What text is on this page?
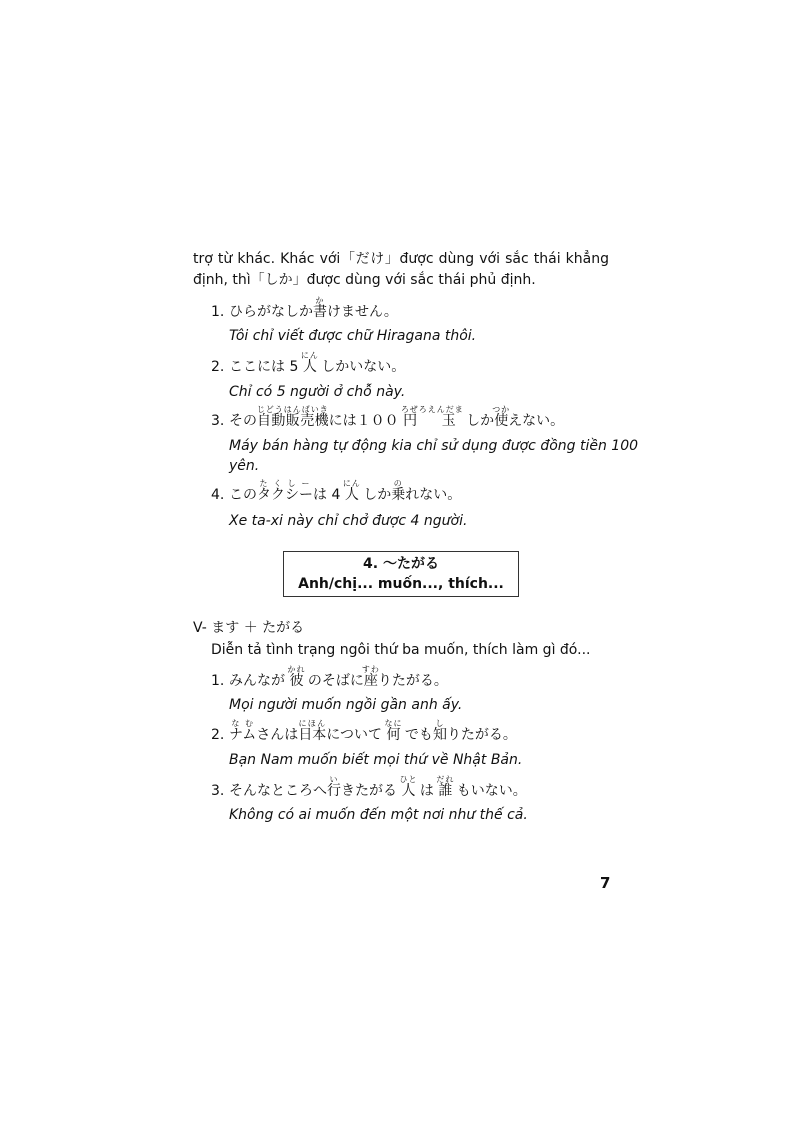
trợ từ khác. Khác với「だけ」được dùng với sắc thái khẳng
định, thì「しか」được dùng với sắc thái phủ định.
1. ひらがなしか書かけません。
Tôi chỉ viết được chữ Hiragana thôi.
2. ここには 5 人にん しかいない。
Chỉ có 5 người ở chỗ này.
3. その自動販売機じどうはんばいきには１００ 円 玉ろぜろえんだま しか使つかえない。
Máy bán hàng tự động kia chỉ sử dụng được đồng tiền 100
yên.
4. このタクシーたくしーは 4 人にん しか乗のれない。
Xe ta-xi này chỉ chở được 4 người.
4. ～たがる
Anh/chị... muốn..., thích...
V- ます ＋ たがる
Diễn tả tình trạng ngôi thứ ba muốn, thích làm gì đó...
1. みんなが 彼かれ のそばに座すわりたがる。
Mọi người muốn ngồi gần anh ấy.
2. ナムなむさんは日本にほんについて 何なに でも知しりたがる。
Bạn Nam muốn biết mọi thứ về Nhật Bản.
3. そんなところへ行いきたがる 人ひと は 誰だれ もいない。
Không có ai muốn đến một nơi như thế cả.
7
